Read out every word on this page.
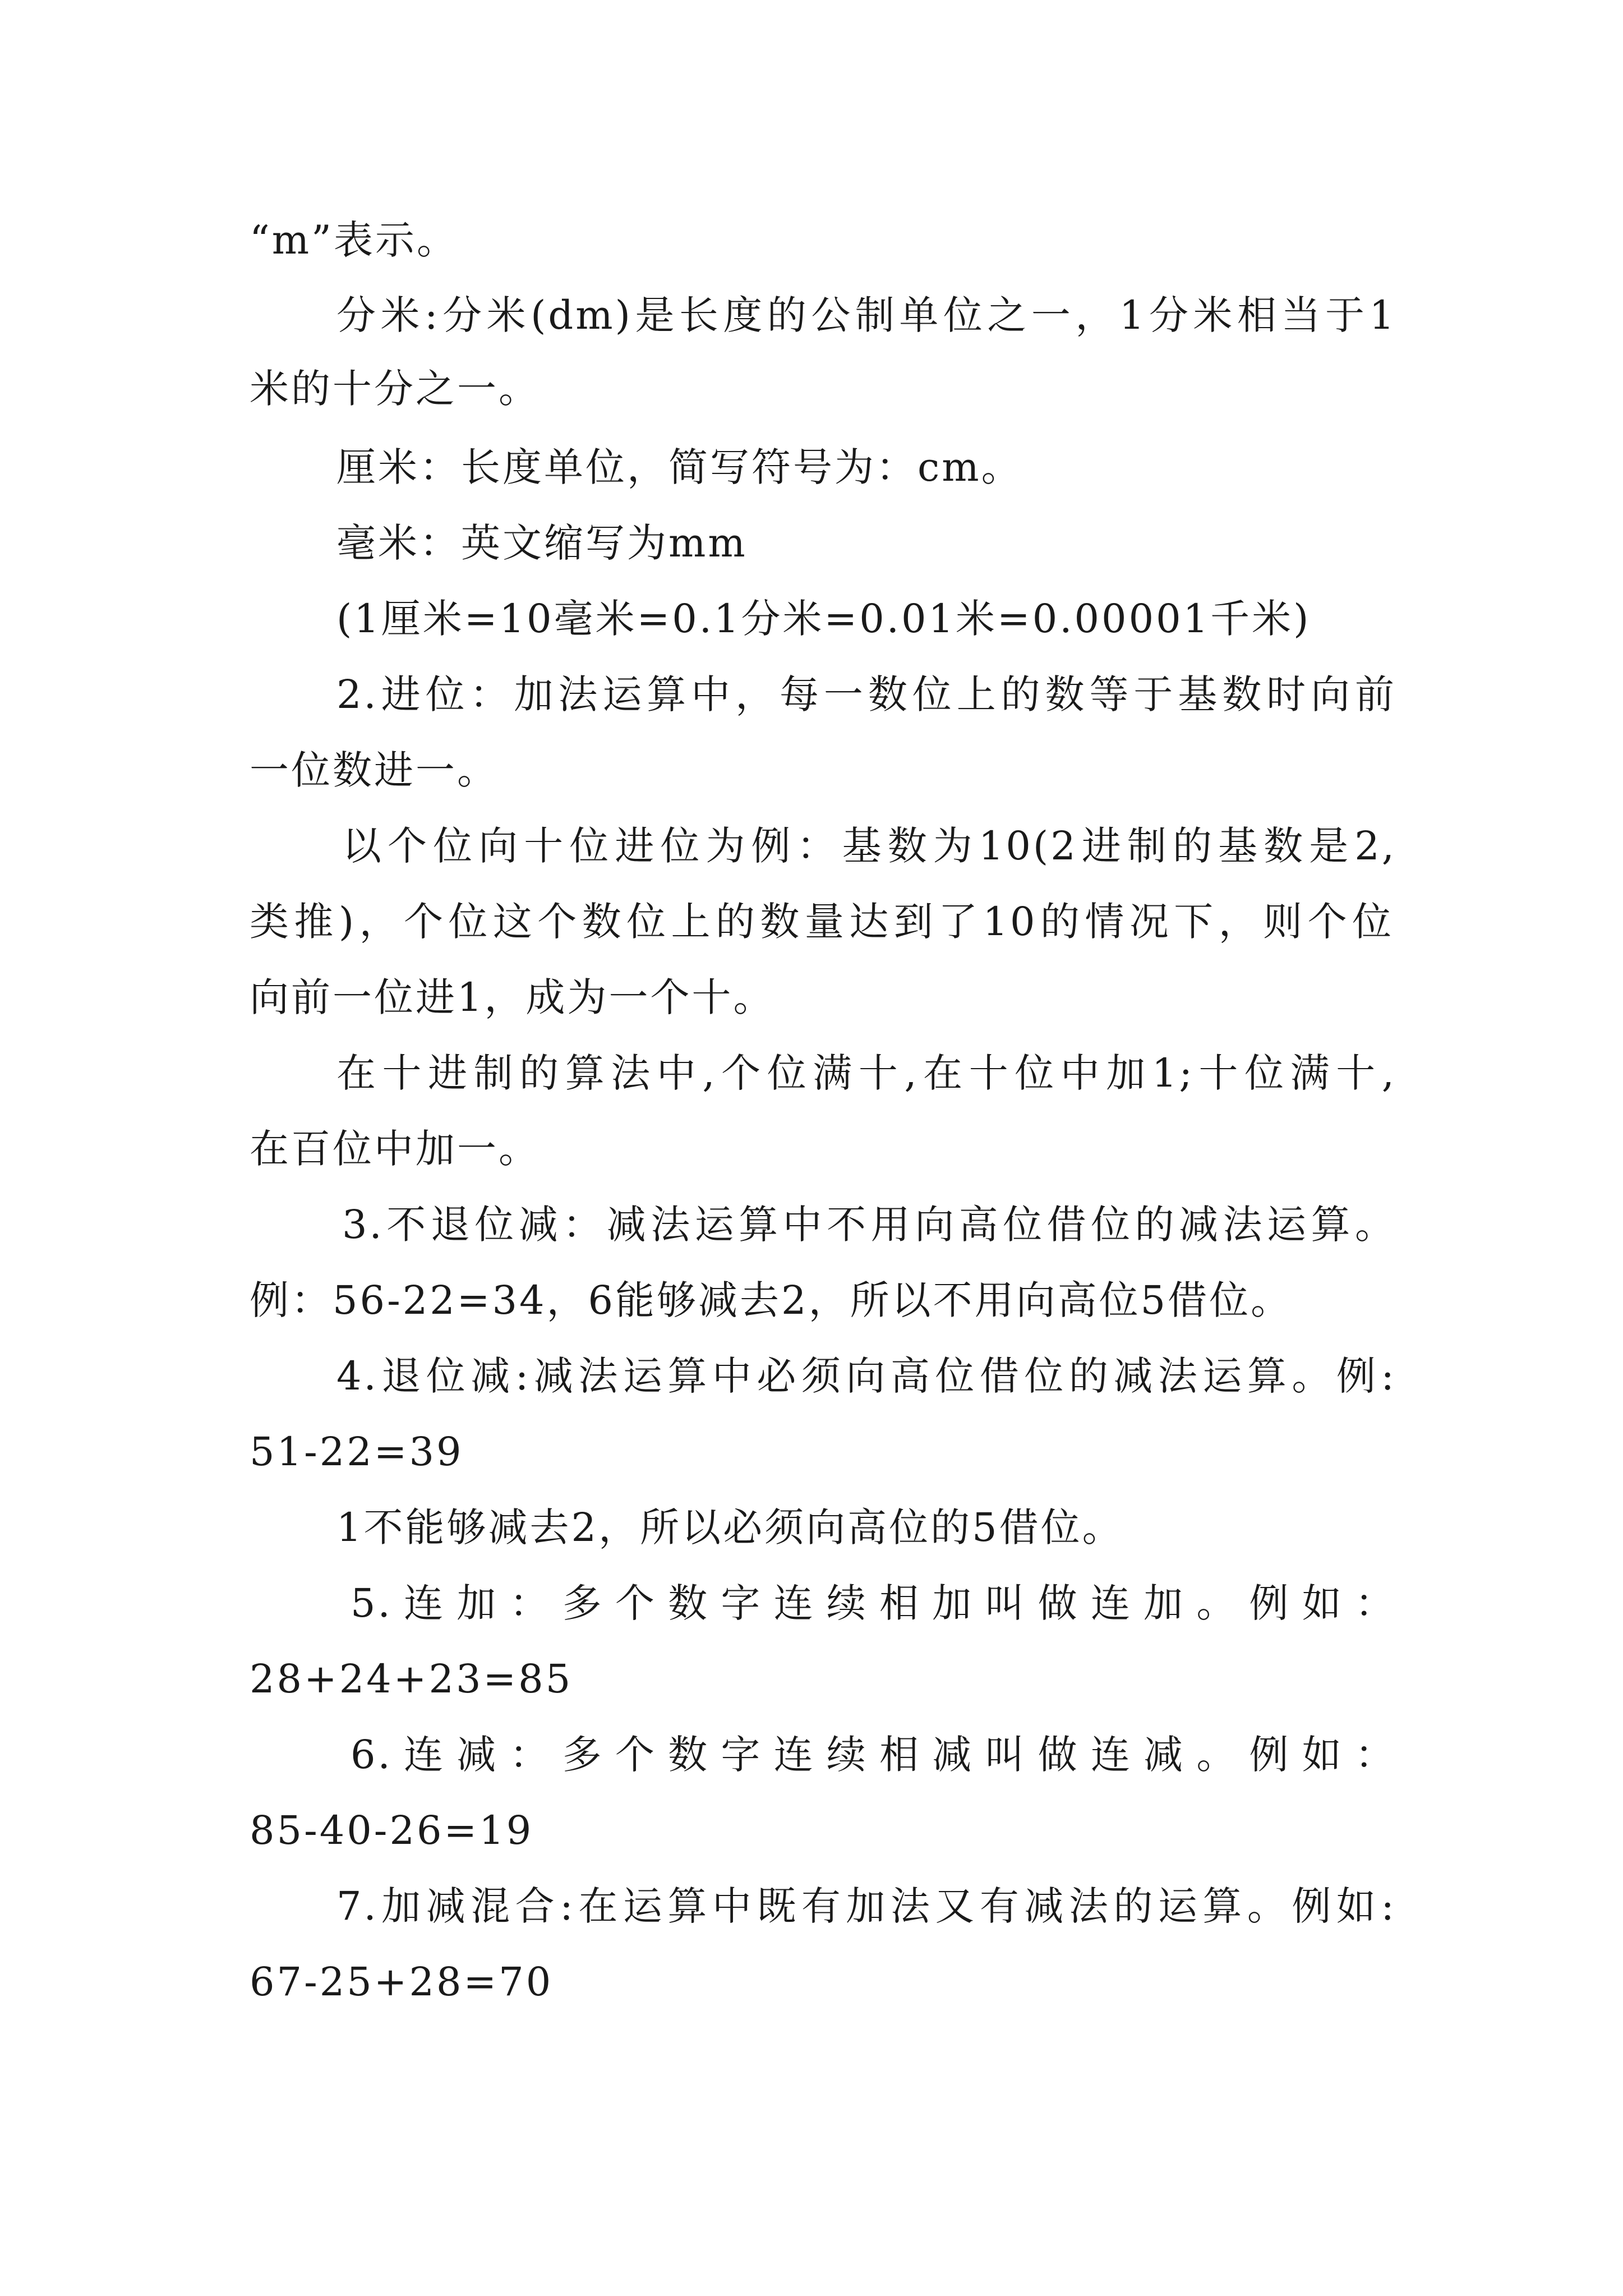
“m”表示。
分米:分米(dm)是长度的公制单位之一，1分米相当于1
米的十分之一。
厘米：长度单位，简写符号为：cm。
毫米：英文缩写为mm
(1厘米=10毫米=0.1分米=0.01米=0.00001千米)
2.进位：加法运算中，每一数位上的数等于基数时向前
一位数进一。
以个位向十位进位为例：基数为10(2进制的基数是2,
类推)，个位这个数位上的数量达到了10的情况下，则个位
向前一位进1，成为一个十。
在十进制的算法中,个位满十,在十位中加1;十位满十,
在百位中加一。
3.不退位减：减法运算中不用向高位借位的减法运算。
例：56-22=34，6能够减去2，所以不用向高位5借位。
4.退位减:减法运算中必须向高位借位的减法运算。例:
51-22=39
1不能够减去2，所以必须向高位的5借位。
5.连加：多个数字连续相加叫做连加。例如：
28+24+23=85
6.连减：多个数字连续相减叫做连减。例如：
85-40-26=19
7.加减混合:在运算中既有加法又有减法的运算。例如:
67-25+28=70
